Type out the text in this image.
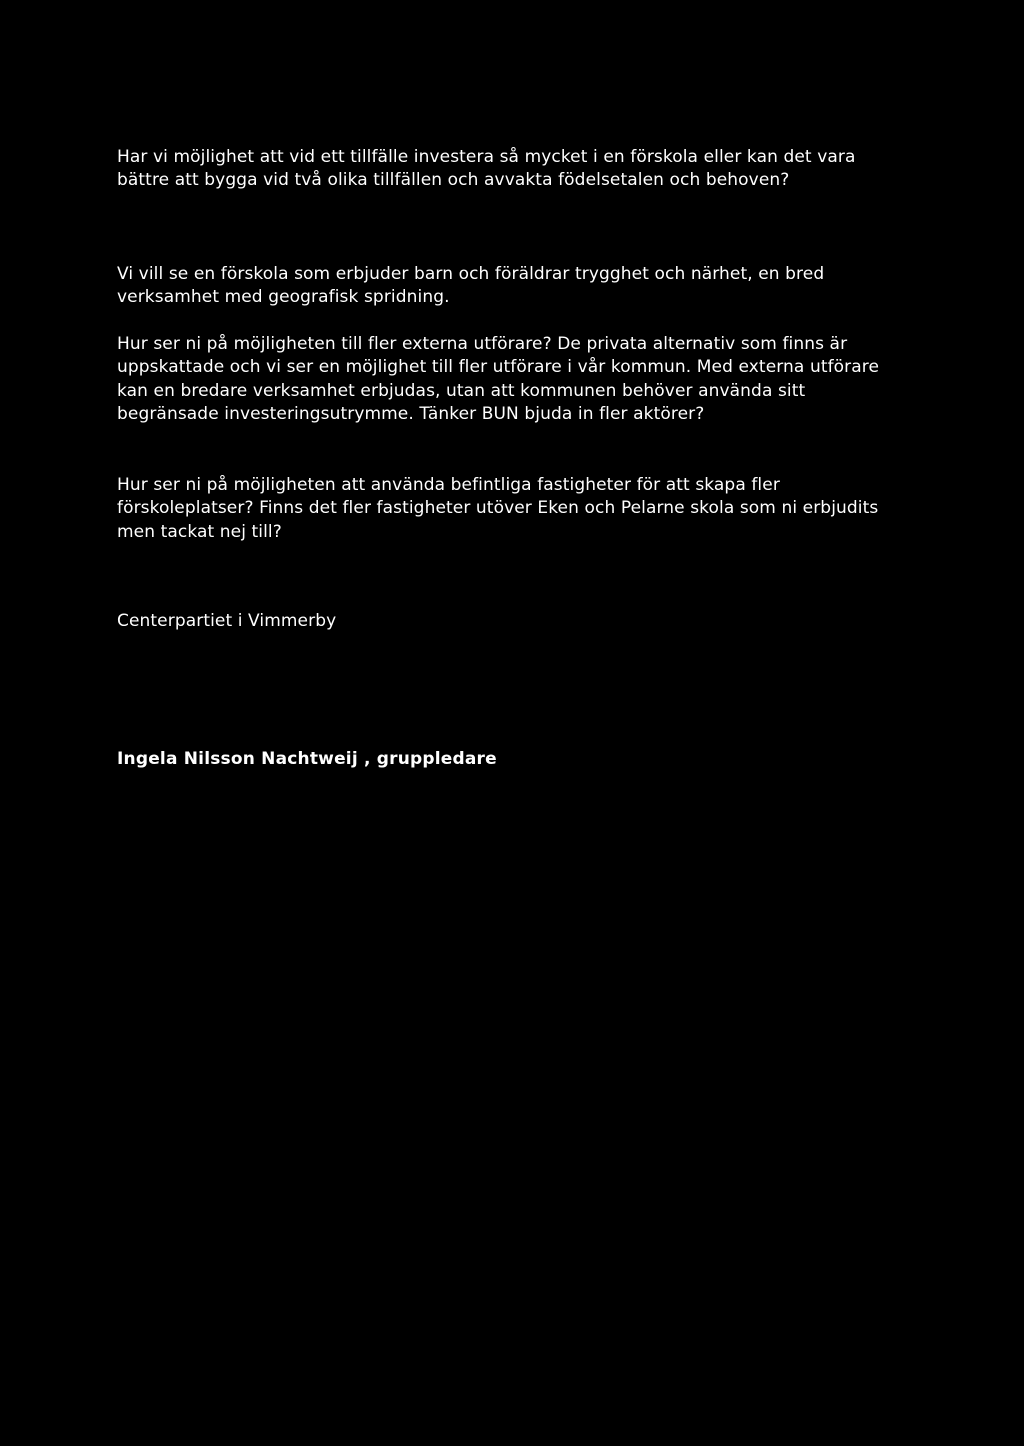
Har vi möjlighet att vid ett tillfälle investera så mycket i en förskola eller kan det vara bättre att bygga vid två olika tillfällen och avvakta födelsetalen och behoven?

Vi vill se en förskola som erbjuder barn och föräldrar trygghet och närhet, en bred verksamhet med geografisk spridning.

Hur ser ni på möjligheten till fler externa utförare? De privata alternativ som finns är uppskattade och vi ser en möjlighet till fler utförare i vår kommun. Med externa utförare kan en bredare verksamhet erbjudas, utan att kommunen behöver använda sitt begränsade investeringsutrymme. Tänker BUN bjuda in fler aktörer?

Hur ser ni på möjligheten att använda befintliga fastigheter för att skapa fler förskoleplatser? Finns det fler fastigheter utöver Eken och Pelarne skola som ni erbjudits men tackat nej till?

Centerpartiet i Vimmerby

Ingela Nilsson Nachtweij , gruppledare
